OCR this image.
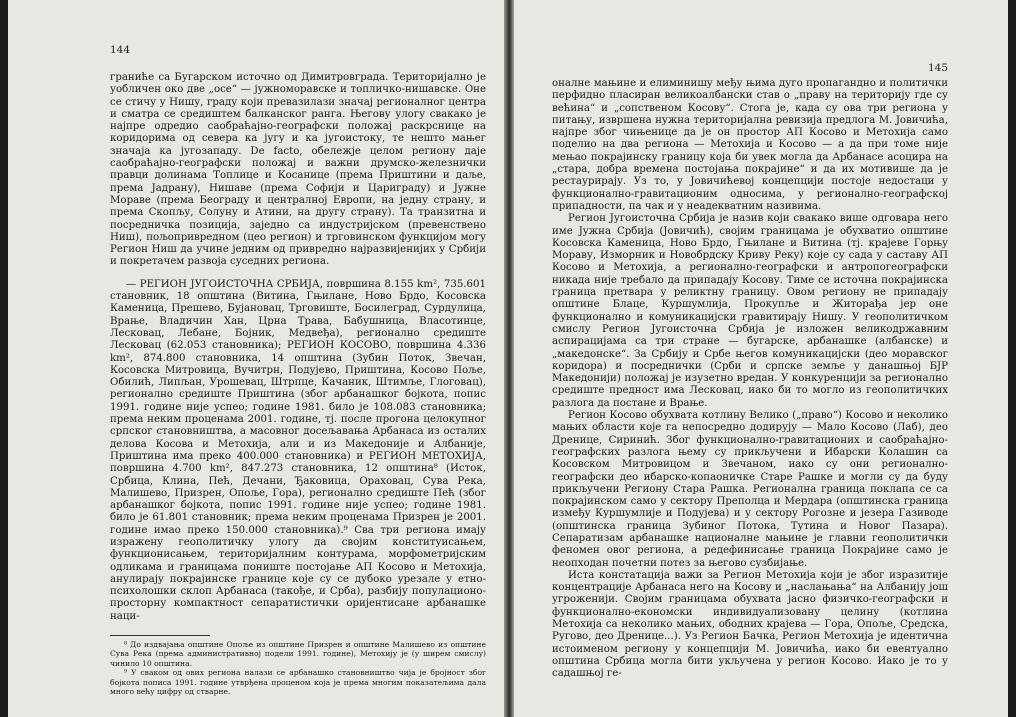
144

граниће са Бугарском источно од Димитровграда. Територијално је уобличен око две „осе“ — јужноморавске и топличко-нишавске. Оне се стичу у Нишу, граду који превазилази значај регионалног центра и сматра се средиштем балканског ранга. Његову улогу свакако је најпре одредио саобраћајно-географски положај раскрснице на коридорима од севера ка југу и ка југоистоку, те нешто мањег значаја ка југозападу. De facto, обележје целом региону даје саобраћајно-географски положај и важни друмско-железнички правци долинама Топлице и Косанице (према Приштини и даље, према Јадрану), Нишаве (према Софији и Цариграду) и Јужне Мораве (према Београду и централној Европи, на једну страну, и према Скопљу, Солуну и Атини, на другу страну). Та транзитна и посредничка позиција, заједно са индустријском (превенствено Ниш), пољопривредном (цео регион) и трговинском функцијом могу Регион Ниш да учине једним од привредно најразвијенијих у Србији и покретачем развоја суседних региона.

— РЕГИОН ЈУГОИСТОЧНА СРБИЈА, површина 8.155 km², 735.601 становник, 18 општина (Витина, Гњилане, Ново Брдо, Косовска Каменица, Прешево, Бујановац, Трговиште, Босилеград, Сурдулица, Врање, Владичин Хан, Црна Трава, Бабушница, Власотинце, Лесковац, Лебане, Бојник, Медвеђа), регионално средиште Лесковац (62.053 становника); РЕГИОН КОСОВО, површина 4.336 km², 874.800 становника, 14 општина (Зубин Поток, Звечан, Косовска Митровица, Вучитрн, Подујево, Приштина, Косово Поље, Обилић, Липљан, Урошевац, Штрпце, Качаник, Штимље, Глоговац), регионално средиште Приштина (због арбанашког бојкота, попис 1991. године није успео; године 1981. било је 108.083 становника; према неким проценама 2001. године, тј. после прогона целокупног српског становништва, а масовног досељавања Арбанаса из осталих делова Косова и Метохија, али и из Македоније и Албаније, Приштина има преко 400.000 становника) и РЕГИОН МЕТОХИЈА, површина 4.700 km², 847.273 становника, 12 општина⁸ (Исток, Србица, Клина, Пећ, Дечани, Ђаковица, Ораховац, Сува Река, Малишево, Призрен, Опоље, Гора), регионално средиште Пећ (због арбанашког бојкота, попис 1991. године није успео; године 1981. било је 61.801 становник; према неким проценама Призрен је 2001. године имао преко 150.000 становника).⁹ Сва три региона имају изражену геополитичку улогу да својим конституисањем, функционисањем, територијалним контурама, морфометријским одликама и границама пониште постојање АП Косово и Метохија, анулирају покрајинске границе које су се дубоко урезале у етно-психолошки склоп Арбанаса (такође, и Срба), разбију популационо-просторну компактност сепаратистички оријентисане арбанашке наци-

⁸ До издвајања општине Опоље из општине Призрен и општине Малишево из општине Сува Река (према административној подели 1991. године), Метохију је (у ширем смислу) чинило 10 општина.

⁹ У сваком од ових региона налази се арбанашко становништво чија је бројност због бојкота пописа 1991. године утврђена проценом која је према многим показатељима дала много већу цифру од стварне.

145

оналне мањине и елиминишу међу њима дуго пропагандно и политички перфидно пласиран великоалбански став о „праву на територију где су већина“ и „сопственом Косову“. Стога је, када су ова три региона у питању, извршена нужна територијална ревизија предлога М. Јовичића, најпре због чињенице да је он простор АП Косово и Метохија само поделио на два региона — Метохија и Косово — а да при томе није мењао покрајинску границу која би увек могла да Арбанасе асоцира на „стара, добра времена постојања покрајине“ и да их мотивише да је рестаурирају. Уз то, у Јовичићевој концепцији постоје недостаци у функционално-гравитационим односима, у регионално-географској припадности, па чак и у неадекватним називима.

Регион Југоисточна Србија је назив који свакако више одговара него име Јужна Србија (Јовичић), својим границама је обухватио општине Косовска Каменица, Ново Брдо, Гњилане и Витина (тј. крајеве Горњу Мораву, Изморник и Новобрдску Криву Реку) које су сада у саставу АП Косово и Метохија, а регионално-географски и антропогеографски никада није требало да припадају Косову. Тиме се источна покрајинска граница претвара у реликтну границу. Овом региону не припадају општине Блаце, Куршумлија, Прокупље и Житорађа јер оне функционално и комуникацијски гравитирају Нишу. У геополитичком смислу Регион Југоисточна Србија је изложен великодржавним аспирацијама са три стране — бугарске, арбанашке (албанске) и „македонске“. За Србију и Србе његов комуникацијски (део моравског коридора) и посреднички (Срби и српске земље у данашњој БЈР Македонији) положај је изузетно вредан. У конкуренцији за регионално средиште предност има Лесковац, иако би то могло из геополитичких разлога да постане и Врање.

Регион Косово обухвата котлину Велико („право“) Косово и неколико мањих области које га непосредно додирују — Мало Косово (Лаб), део Дренице, Сиринић. Због функционално-гравитационих и саобраћајно-географских разлога њему су прикључени и Ибарски Колашин са Косовском Митровицом и Звечаном, иако су они регионално-географски део ибарско-копаоничке Старе Рашке и могли су да буду прикључени Региону Стара Рашка. Регионална граница поклапа се са покрајинском само у сектору Преполца и Мердара (општинска граница између Куршумлије и Подујева) и у сектору Рогозне и језера Газиводе (општинска граница Зубиног Потока, Тутина и Новог Пазара). Сепаратизам арбанашке националне мањине је главни геополитички феномен овог региона, а редефинисање граница Покрајине само је неопходан почетни потез за његово сузбијање.

Иста констатација важи за Регион Метохија који је због изразитије концентрације Арбанаса него на Косову и „наслањања“ на Албанију још угроженији. Својим границама обухвата јасно физичко-географски и функционално-економски индивидуализовану целину (котлина Метохија са неколико мањих, ободних крајева — Гора, Опоље, Средска, Ругово, део Дренице...). Уз Регион Бачка, Регион Метохија је идентична истоименом региону у концепцији М. Јовичића, иако би евентуално општина Србица могла бити укључена у регион Косово. Иако је то у садашњој ге-
